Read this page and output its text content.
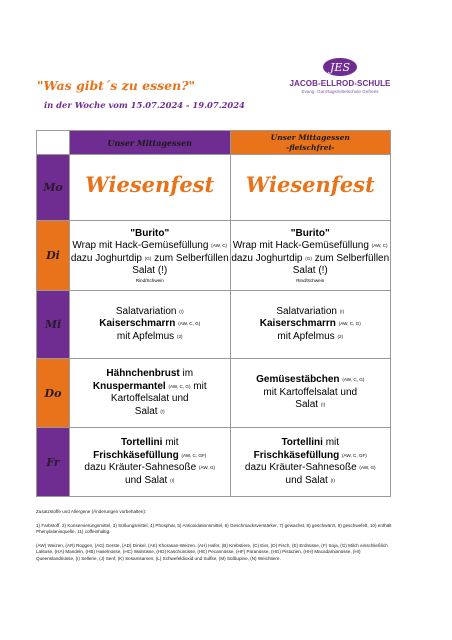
"Was gibt´s zu essen?"
in der Woche vom 15.07.2024 - 19.07.2024
JES
JACOB-ELLROD-SCHULE
Evang. Ganztagsmittelschule Gefrees
	Unser Mittagessen	Unser Mittagessen
-fleischfrei-
Mo	Wiesenfest	Wiesenfest
Di	"Burito"
Wrap mit Hack-Gemüsefüllung (AW, C)
dazu Joghurtdip (G) zum Selberfüllen
Salat (!)
Rind/Schwein	"Burito"
Wrap mit Hack-Gemüsefüllung (AW, C)
dazu Joghurtdip (G) zum Selberfüllen
Salat (!)
Rind/Schwein

Mi	Salatvariation (!)
Kaiserschmarrn (AW, C, G)
mit Apfelmus (2)	Salatvariation (!)
Kaiserschmarrn (AW, C, G)
mit Apfelmus (2)
Do	Hähnchenbrust im
Knuspermantel (AW, C, G) mit
Kartoffelsalat und
Salat (!)	Gemüsestäbchen (AW, C, G)
mit Kartoffelsalat und
Salat (!)
Fr	Tortellini mit
Frischkäsefüllung (AW, C, GF)
dazu Kräuter-Sahnesoße (AW, G)
und Salat (!)	Tortellini mit
Frischkäsefüllung (AW, C, GF)
dazu Kräuter-Sahnesoße (AW, G)
und Salat (!)

Zusatzstoffe und Allergene (Änderungen vorbehalten):

1) Farbstoff, 2) Konservierungsmittel, 3) Süßungsmittel, 4) Phosphat, 5) Antioxidationsmittel, 6) Geschmacksverstärker, 7) gewachst, 8) geschwärzt, 9) geschwefelt, 10) enthält Phenylalaninquelle, 11) coffeinhaltig.

(AW) Weizen, (AR) Roggen, (AG) Gerste, (AD) Dinkel, (AK) Khorasan-Weizen, (AH) Hafer, (B) Krebstiere, (C) Eier, (D) Fisch, (E) Erdnüsse, (F) Soja, (G) Milch einschließlich Laktose, (HA) Mandeln, (HB) Haselnüsse, (HC) Walnüsse, (HD) Kaschunüsse, (HE) Pecannüsse, (HF) Paranüsse, (HG) Pistazien, (HH) Macadamianüsse, (HI) Queenslandnüsse, (I) Sellerie, (J) Senf, (K) Sesamsamen, (L) Schwefeldioxid und Sulfite, (M) Süßlupine, (N) Weichtiere.
